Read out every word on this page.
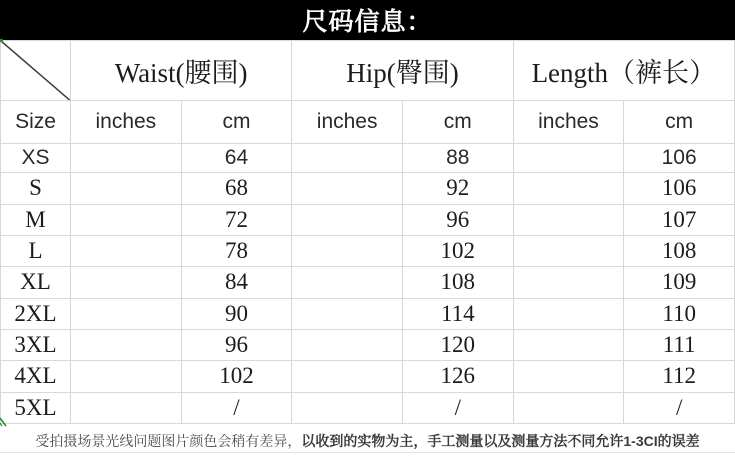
尺码信息：
	Waist(腰围)		Hip(臀围)		Length（裤长）	
Size	inches	cm	inches	cm	inches	cm
XS		64		88		106
S		68		92		106
M		72		96		107
L		78		102		108
XL		84		108		109
2XL		90		114		110
3XL		96		120		111
4XL		102		126		112
5XL		/		/		/
受拍摄场景光线问题图片颜色会稍有差异， 以收到的实物为主，手工测量以及测量方法不同允许1-3CI的误差
